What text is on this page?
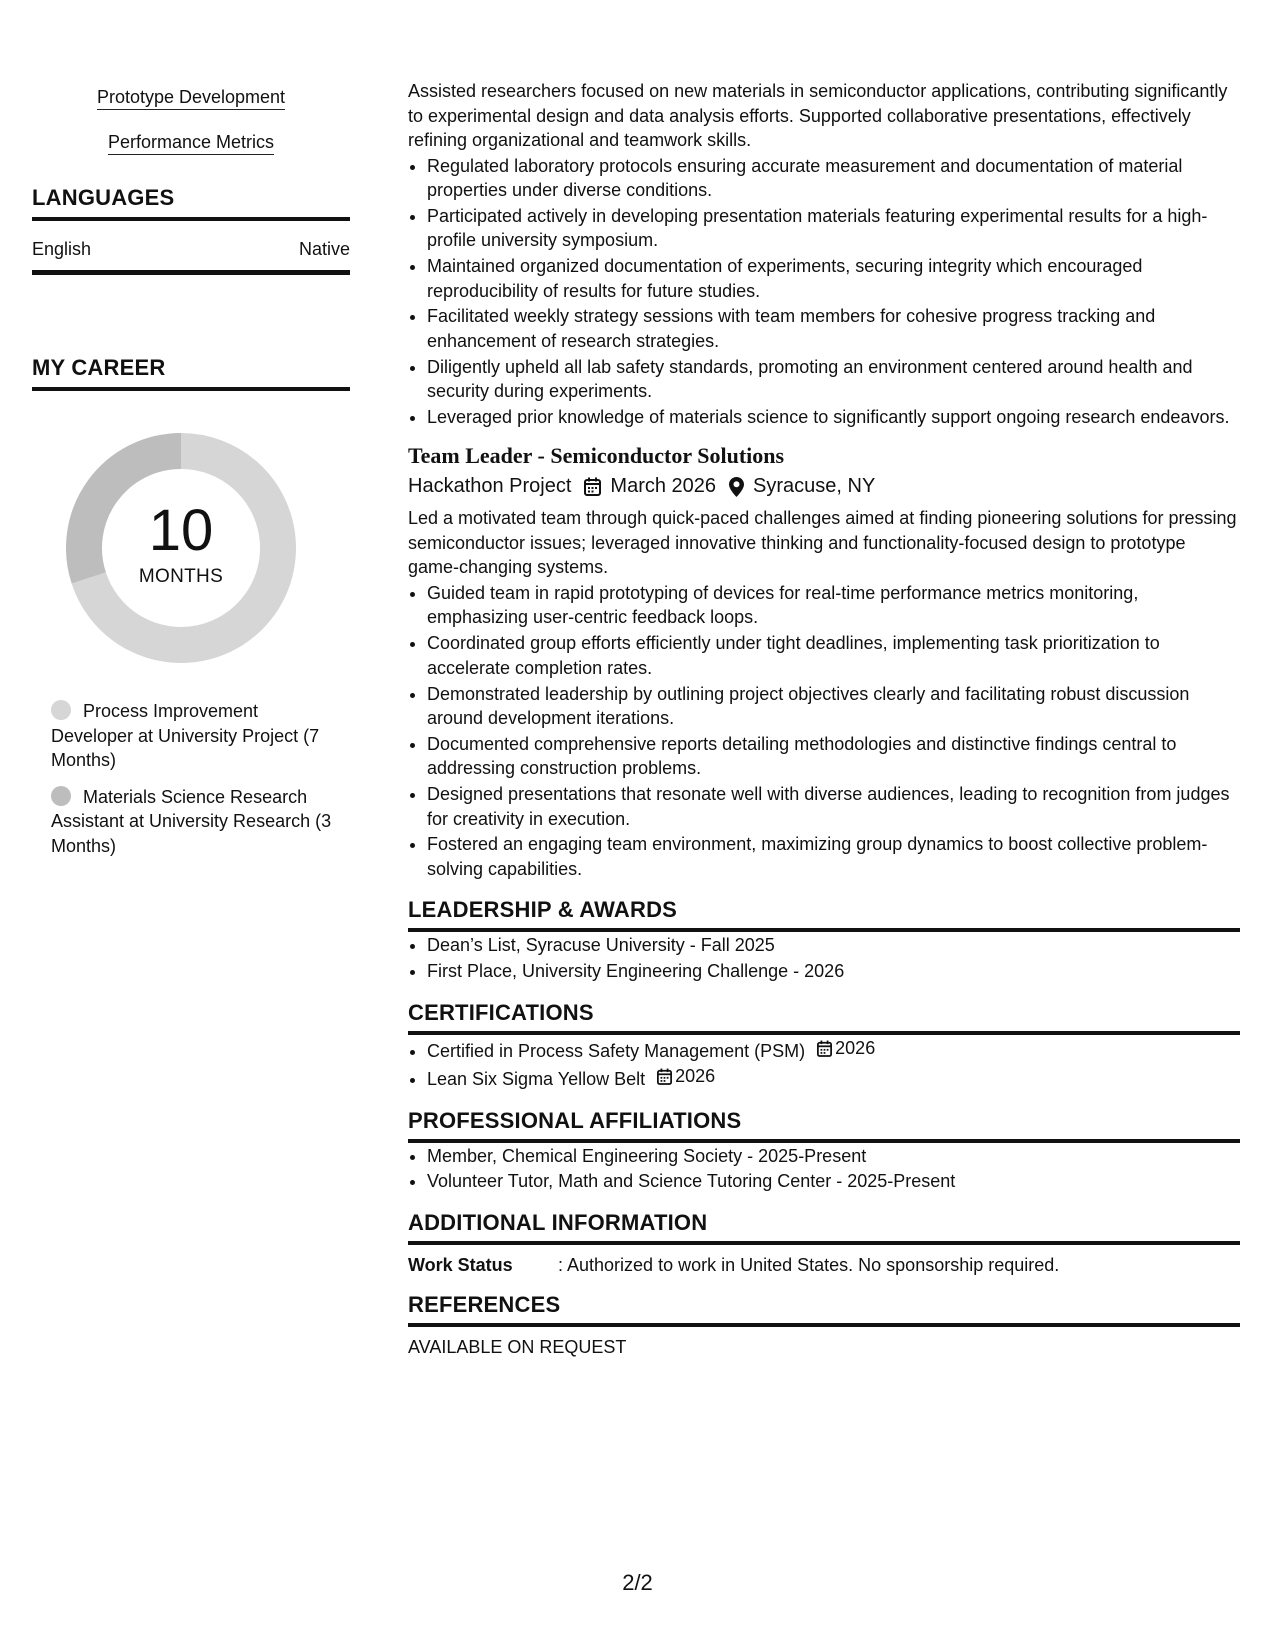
Prototype Development
Performance Metrics
LANGUAGES
English	Native
MY CAREER
10
MONTHS
Process Improvement Developer at University Project (7 Months)
Materials Science Research Assistant at University Research (3 Months)

Assisted researchers focused on new materials in semiconductor applications, contributing significantly to experimental design and data analysis efforts. Supported collaborative presentations, effectively refining organizational and teamwork skills.

• Regulated laboratory protocols ensuring accurate measurement and documentation of material properties under diverse conditions.
• Participated actively in developing presentation materials featuring experimental results for a high-profile university symposium.
• Maintained organized documentation of experiments, securing integrity which encouraged reproducibility of results for future studies.
• Facilitated weekly strategy sessions with team members for cohesive progress tracking and enhancement of research strategies.
• Diligently upheld all lab safety standards, promoting an environment centered around health and security during experiments.
• Leveraged prior knowledge of materials science to significantly support ongoing research endeavors.
Team Leader - Semiconductor Solutions
Hackathon Project March 2026 Syracuse, NY

Led a motivated team through quick-paced challenges aimed at finding pioneering solutions for pressing semiconductor issues; leveraged innovative thinking and functionality-focused design to prototype game-changing systems.

• Guided team in rapid prototyping of devices for real-time performance metrics monitoring, emphasizing user-centric feedback loops.
• Coordinated group efforts efficiently under tight deadlines, implementing task prioritization to accelerate completion rates.
• Demonstrated leadership by outlining project objectives clearly and facilitating robust discussion around development iterations.
• Documented comprehensive reports detailing methodologies and distinctive findings central to addressing construction problems.
• Designed presentations that resonate well with diverse audiences, leading to recognition from judges for creativity in execution.
• Fostered an engaging team environment, maximizing group dynamics to boost collective problem-solving capabilities.
LEADERSHIP & AWARDS
• Dean’s List, Syracuse University - Fall 2025
• First Place, University Engineering Challenge - 2026
CERTIFICATIONS
• Certified in Process Safety Management (PSM) 2026
• Lean Six Sigma Yellow Belt 2026
PROFESSIONAL AFFILIATIONS
• Member, Chemical Engineering Society - 2025-Present
• Volunteer Tutor, Math and Science Tutoring Center - 2025-Present
ADDITIONAL INFORMATION
Work Status	: Authorized to work in United States. No sponsorship required.
REFERENCES
AVAILABLE ON REQUEST
2/2
